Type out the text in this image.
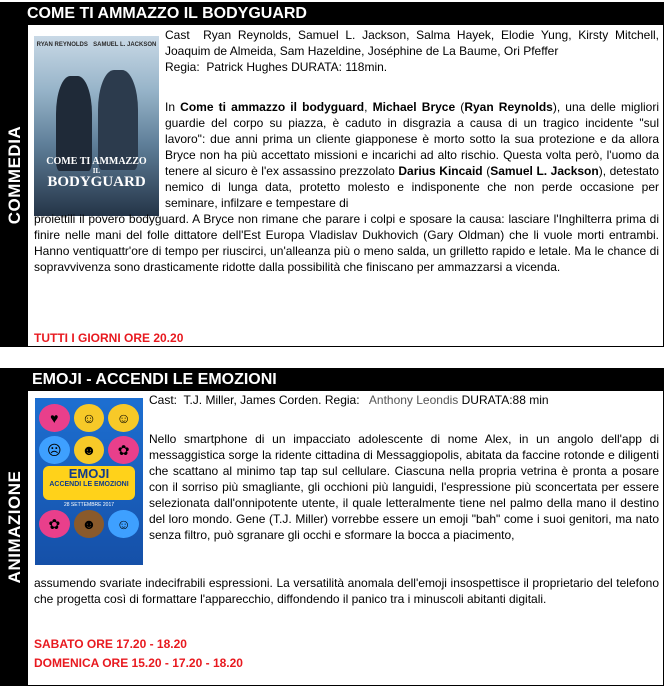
COMMEDIA
COME TI AMMAZZO IL BODYGUARD
RYAN REYNOLDS SAMUEL L. JACKSON
COME TI AMMAZZO
IL
BODYGUARD
Cast Ryan Reynolds, Samuel L. Jackson, Salma Hayek, Elodie Yung, Kirsty Mitchell, Joaquim de Almeida, Sam Hazeldine, Joséphine de La Baume, Ori Pfeffer
Regia: Patrick Hughes DURATA: 118min.
In Come ti ammazzo il bodyguard, Michael Bryce (Ryan Reynolds), una delle migliori guardie del corpo su piazza, è caduto in disgrazia a causa di un tragico incidente "sul lavoro": due anni prima un cliente giapponese è morto sotto la sua protezione e da allora Bryce non ha più accettato missioni e incarichi ad alto rischio. Questa volta però, l'uomo da tenere al sicuro è l'ex assassino prezzolato Darius Kincaid (Samuel L. Jackson), detestato nemico di lunga data, protetto molesto e indisponente che non perde occasione per seminare, infilzare e tempestare di
proiettili il povero bodyguard. A Bryce non rimane che parare i colpi e sposare la causa: lasciare l'Inghilterra prima di finire nelle mani del folle dittatore dell'Est Europa Vladislav Dukhovich (Gary Oldman) che li vuole morti entrambi. Hanno ventiquattr'ore di tempo per riuscirci, un'alleanza più o meno salda, un grilletto rapido e letale. Ma le chance di sopravvivenza sono drasticamente ridotte dalla possibilità che finiscano per ammazzarsi a vicenda.
TUTTI I GIORNI ORE 20.20
ANIMAZIONE
EMOJI - ACCENDI LE EMOZIONI
♥	☺	☺
☹	☻	✿
EMOJI
ACCENDI LE EMOZIONI
28 SETTEMBRE 2017
✿	☻	☺
Cast: T.J. Miller, James Corden. Regia: Anthony Leondis DURATA:88 min
Nello smartphone di un impacciato adolescente di nome Alex, in un angolo dell'app di messaggistica sorge la ridente cittadina di Messaggiopolis, abitata da faccine rotonde e diligenti che scattano al minimo tap tap sul cellulare. Ciascuna nella propria vetrina è pronta a posare con il sorriso più smagliante, gli occhioni più languidi, l'espressione più sconcertata per essere selezionata dall'onnipotente utente, il quale letteralmente tiene nel palmo della mano il destino del loro mondo. Gene (T.J. Miller) vorrebbe essere un emoji "bah" come i suoi genitori, ma nato senza filtro, può sgranare gli occhi e sformare la bocca a piacimento,
assumendo svariate indecifrabili espressioni. La versatilità anomala dell'emoji insospettisce il proprietario del telefono che progetta così di formattare l'apparecchio, diffondendo il panico tra i minuscoli abitanti digitali.
SABATO ORE 17.20 - 18.20
DOMENICA ORE 15.20 - 17.20 - 18.20
